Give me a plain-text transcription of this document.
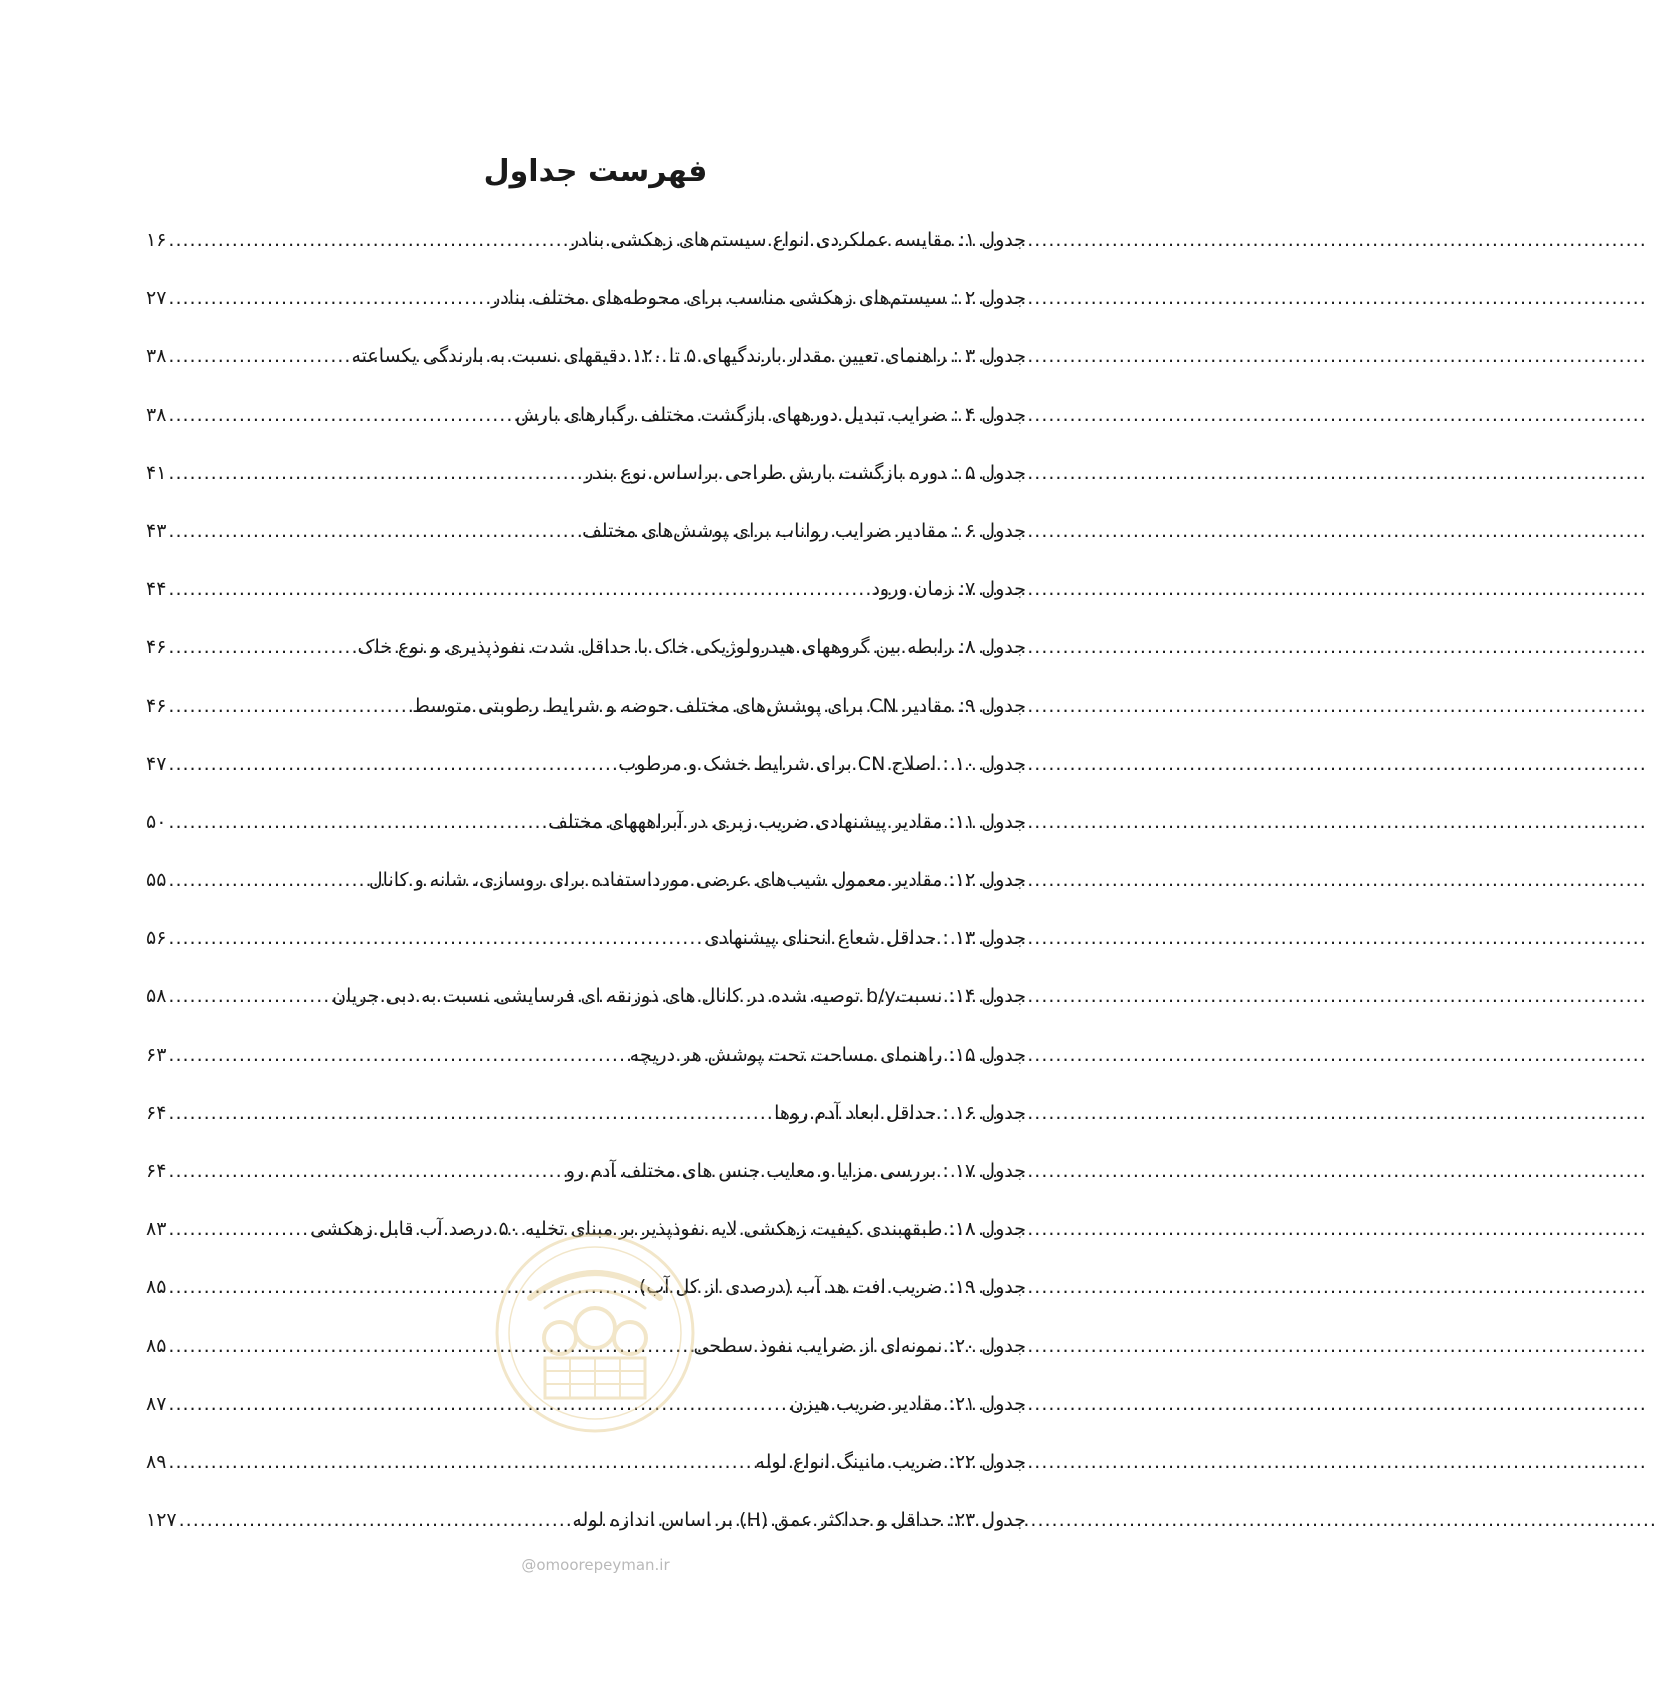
فهرست جداول
جدول ۱: مقایسه عملکردی انواع سیستم‌های زهکشی بنادر
.....
۱۶
جدول ۲ : سیستم‌های زهکشی مناسب برای محوطه‌های مختلف بنادر
.....
۲۷
جدول ۳ : راهنمای تعیین مقدار بارندگیهای ۵ تا ۱۲۰ دقیقهای نسبت به بارندگی یکساعته
.....
۳۸
جدول ۴ : ضرایب تبدیل دورههای بازگشت مختلف رگبارهای بارش
.....
۳۸
جدول ۵ : دوره بازگشت بارش طراحی براساس نوع بندر
.....
۴۱
جدول ۶ : مقادیر ضرایب رواناب برای پوشش‌های مختلف
.....
۴۳
جدول ۷: زمان ورود
.....
۴۴
جدول ۸: رابطه بین گروههای هیدرولوژیکی خاک با حداقل شدت نفوذپذیری و نوع خاک
.....
۴۶
جدول ۹: مقادیر CN برای پوشش‌های مختلف حوضه و شرایط رطوبتی متوسط
.....
۴۶
جدول ۱۰ : اصلاح CN برای شرایط خشک و مرطوب
.....
۴۷
جدول ۱۱: مقادیر پیشنهادی ضریب زبری در آبراهههای مختلف
.....
۵۰
جدول ۱۲: مقادیر معمول شیب‌های عرضی مورداستفاده برای روسازی، شانه و کانال
.....
۵۵
جدول ۱۳ : حداقل شعاع انحنای پیشنهادی
.....
۵۶
جدول ۱۴: نسبتb/y توصیه شده در کانال های ذوزنقه ای فرسایشی نسبت به دبی جریان
.....
۵۸
جدول ۱۵: راهنمای مساحت تحت پوشش هر دریچه
.....
۶۳
جدول ۱۶ : حداقل ابعاد آدم روها
.....
۶۴
جدول ۱۷ : بررسی مزایا و معایب جنس های مختلف آدم رو
.....
۶۴
جدول ۱۸: طبقهبندی کیفیت زهکشی لایه نفوذپذیر بر مبنای تخلیه ۵۰ درصد آب قابل زهکشی
.....
۸۳
جدول ۱۹: ضریب افت هد آب (درصدی از کل آب)
.....
۸۵
جدول ۲۰: نمونه‌ای از ضرایب نفوذ سطحی
.....
۸۵
جدول ۲۱: مقادیر ضریب هیزن
.....
۸۷
جدول ۲۲: ضریب مانینگ انواع لوله
.....
۸۹
جدول ۲۳: حداقل و حداکثر عمق (H) بر اساس اندازه لوله
.....
۱۲۷

@omoorepeyman.ir
